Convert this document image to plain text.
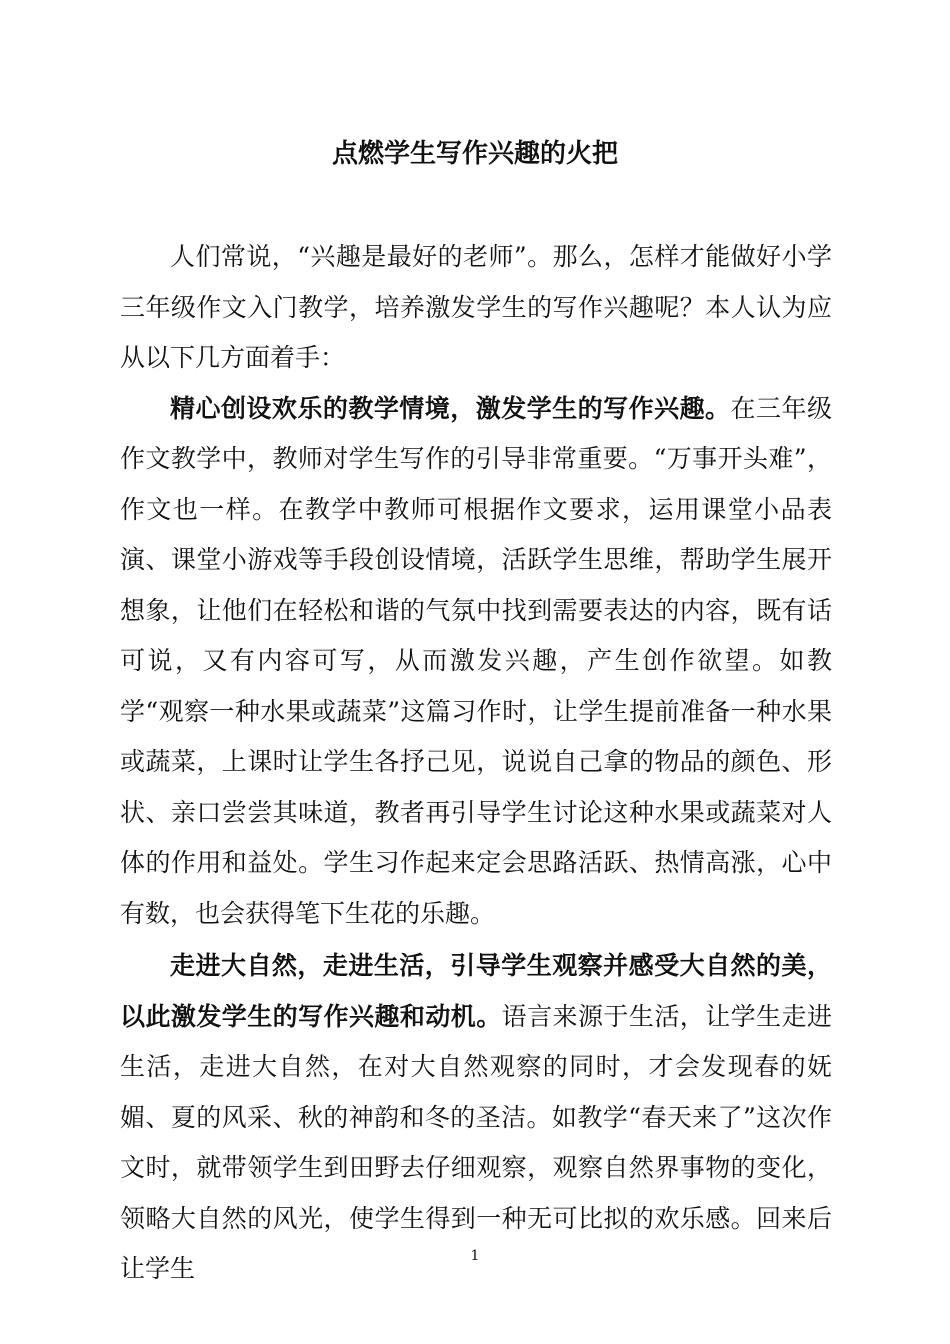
点燃学生写作兴趣的火把

人们常说，“兴趣是最好的老师”。那么，怎样才能做好小学三年级作文入门教学，培养激发学生的写作兴趣呢？本人认为应从以下几方面着手：

精心创设欢乐的教学情境，激发学生的写作兴趣。在三年级作文教学中，教师对学生写作的引导非常重要。“万事开头难”，作文也一样。在教学中教师可根据作文要求，运用课堂小品表演、课堂小游戏等手段创设情境，活跃学生思维，帮助学生展开想象，让他们在轻松和谐的气氛中找到需要表达的内容，既有话可说，又有内容可写，从而激发兴趣，产生创作欲望。如教学“观察一种水果或蔬菜”这篇习作时，让学生提前准备一种水果或蔬菜，上课时让学生各抒己见，说说自己拿的物品的颜色、形状、亲口尝尝其味道，教者再引导学生讨论这种水果或蔬菜对人体的作用和益处。学生习作起来定会思路活跃、热情高涨，心中有数，也会获得笔下生花的乐趣。

走进大自然，走进生活，引导学生观察并感受大自然的美，以此激发学生的写作兴趣和动机。语言来源于生活，让学生走进生活，走进大自然，在对大自然观察的同时，才会发现春的妩媚、夏的风采、秋的神韵和冬的圣洁。如教学“春天来了”这次作文时，就带领学生到田野去仔细观察，观察自然界事物的变化，领略大自然的风光，使学生得到一种无可比拟的欢乐感。回来后让学生	1
